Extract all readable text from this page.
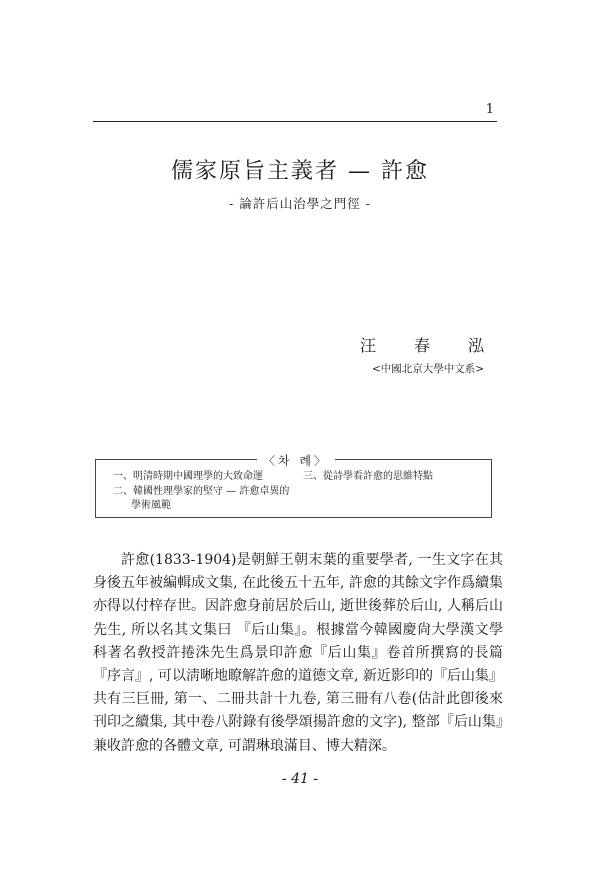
1
儒家原旨主義者 — 許愈
- 論許后山治學之門徑 -
汪 春 泓
<中國北京大學中文系>
〈차 례〉
一、明清時期中國理學的大致命運
二、韓國性理學家的堅守 — 許愈卓異的
學術風範
三、從詩學看許愈的思維特點

許愈(1833-1904)是朝鮮王朝末葉的重要學者, 一生文字在其身後五年被編輯成文集, 在此後五十五年, 許愈的其餘文字作爲續集亦得以付梓存世。因許愈身前居於后山, 逝世後葬於后山, 人稱后山先生, 所以名其文集曰 『后山集』。根據當今韓國慶尙大學漢文學科著名敎授許捲洙先生爲景印許愈『后山集』卷首所撰寫的長篇『序言』, 可以淸晰地瞭解許愈的道德文章, 新近影印的『后山集』共有三巨冊, 第一、二冊共計十九卷, 第三冊有八卷(估計此卽後來刊印之續集, 其中卷八附錄有後學頌揚許愈的文字), 整部『后山集』兼收許愈的各體文章, 可謂琳琅滿目、博大精深。

- 41 -
